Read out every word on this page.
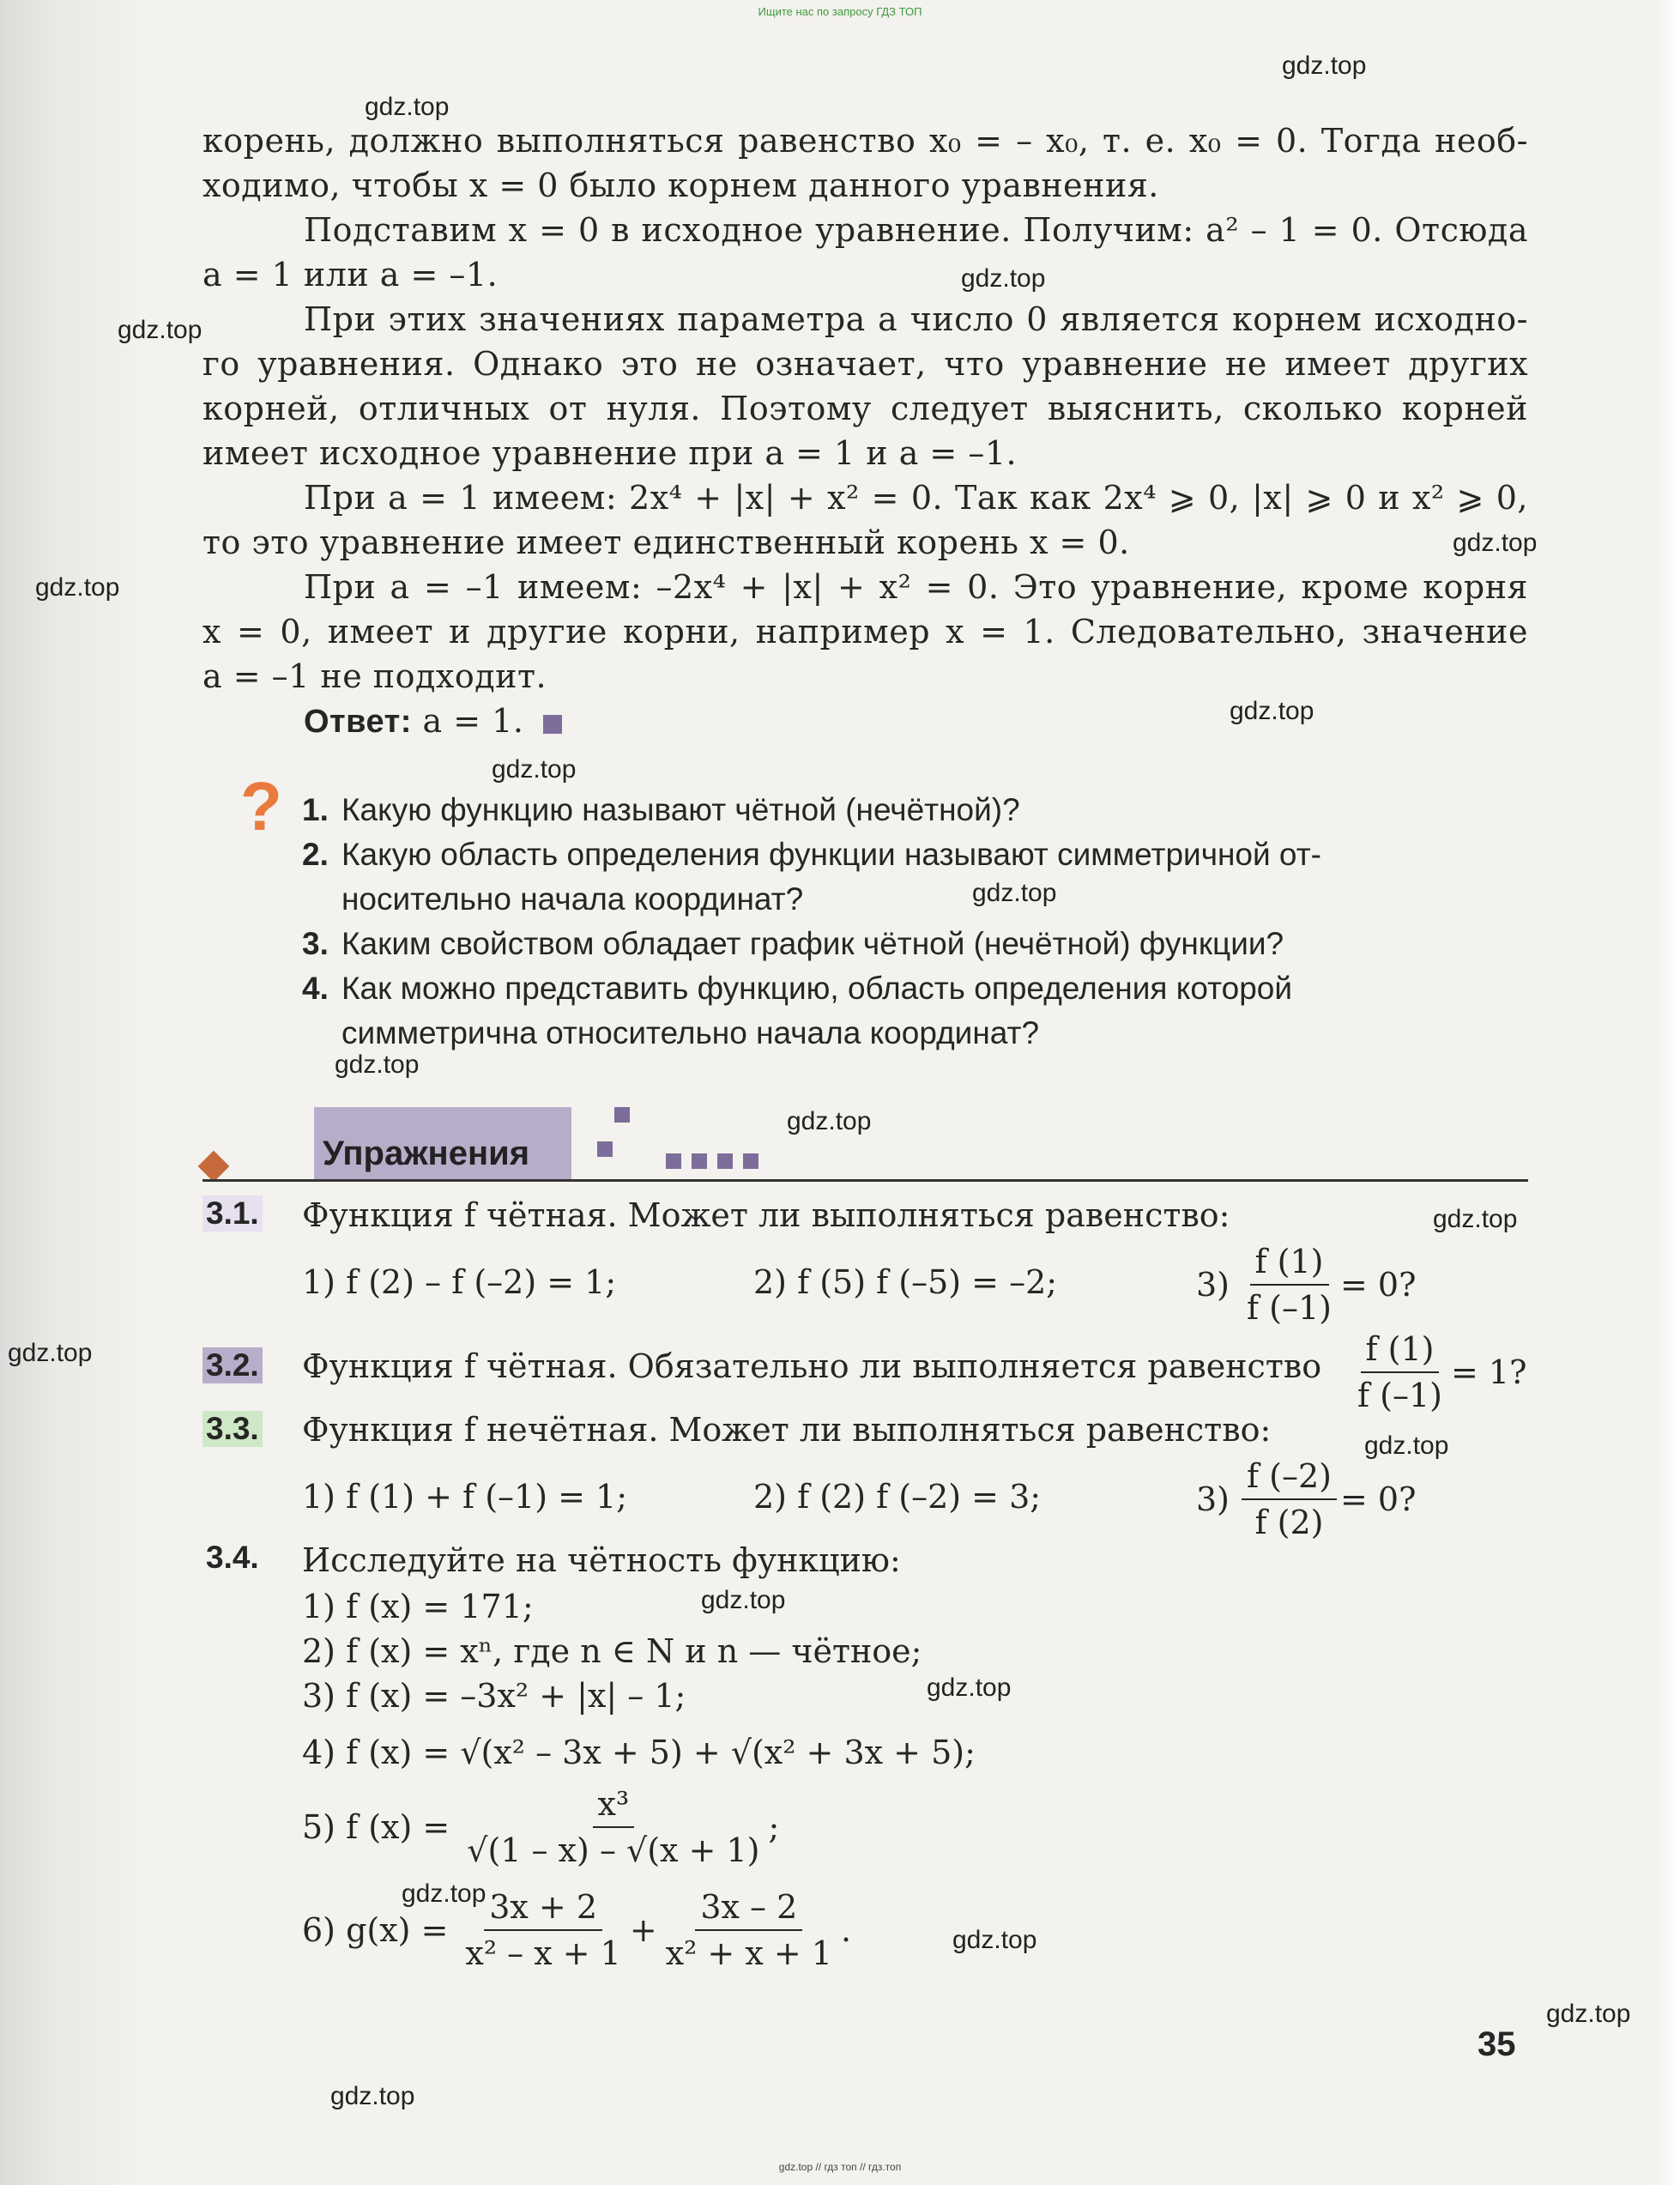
Ищите нас по запросу ГДЗ ТОП
корень, должно выполняться равенство x₀ = – x₀, т. е. x₀ = 0. Тогда необ-
ходимо, чтобы x = 0 было корнем данного уравнения.
Подставим x = 0 в исходное уравнение. Получим: a² – 1 = 0. Отсюда
a = 1 или a = –1.
При этих значениях параметра a число 0 является корнем исходно-
го уравнения. Однако это не означает, что уравнение не имеет других
корней, отличных от нуля. Поэтому следует выяснить, сколько корней
имеет исходное уравнение при a = 1 и a = –1.
При a = 1 имеем: 2x⁴ + |x| + x² = 0. Так как 2x⁴ ⩾ 0, |x| ⩾ 0 и x² ⩾ 0,
то это уравнение имеет единственный корень x = 0.
При a = –1 имеем: –2x⁴ + |x| + x² = 0. Это уравнение, кроме корня
x = 0, имеет и другие корни, например x = 1. Следовательно, значение
a = –1 не подходит.
Ответ: a = 1.
? 1. Какую функцию называют чётной (нечётной)?
2. Какую область определения функции называют симметричной от-
носительно начала координат?
3. Каким свойством обладает график чётной (нечётной) функции?
4. Как можно представить функцию, область определения которой
симметрична относительно начала координат?
Упражнения
3.1. Функция f чётная. Может ли выполняться равенство:
1) f (2) – f (–2) = 1;	2) f (5) f (–5) = –2;	$3) \frac{f (1)}{f (-1)} = 0$?
3.2. Функция f чётная. Обязательно ли выполняется равенство $\frac{f (1)}{f (-1)} = 1$?
3.3. Функция f нечётная. Может ли выполняться равенство:
1) f (1) + f (–1) = 1;	2) f (2) f (–2) = 3;	$3) \frac{f (-2)}{f (2)} = 0$?
3.4. Исследуйте на чётность функцию:
1) f (x) = 171;
2) f (x) = xⁿ, где n ∈ N и n — чётное;
3) f (x) = –3x² + |x| – 1;
4) f (x) = √(x² – 3x + 5) + √(x² + 3x + 5);
5) f $(x) = \frac{\text{x³}}{√(1 - x) - √(x + 1)}$ ;
6) $g(x) = \frac{3x + 2}{\text{x² – x + 1}} + \frac{3x - 2}{\text{x² + x + 1}}$ .
35
gdz.top
gdz.top
gdz.top
gdz.top
gdz.top
gdz.top
gdz.top
gdz.top
gdz.top
gdz.top
gdz.top
gdz.top
gdz.top
gdz.top
gdz.top
gdz.top
gdz.top
gdz.top
gdz.top
gdz.top
gdz.top // гдз топ // гдз.топ
